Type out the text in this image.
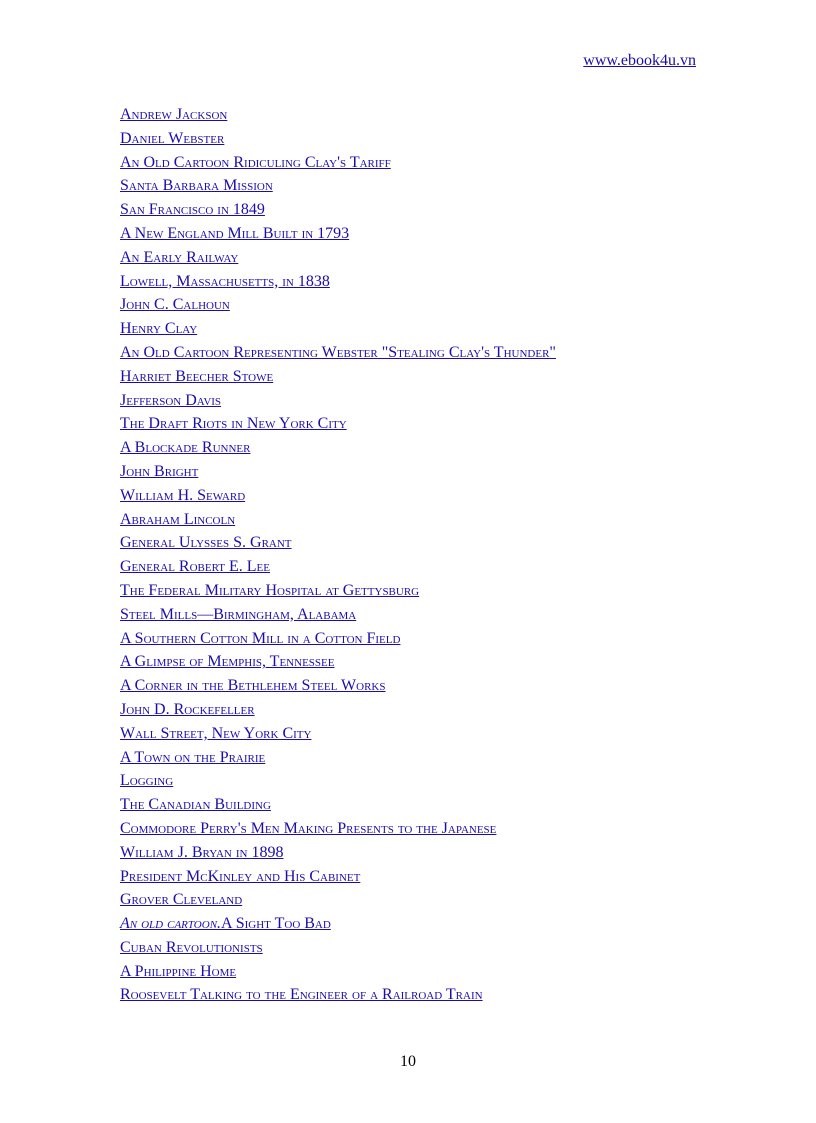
www.ebook4u.vn
Andrew Jackson
Daniel Webster
An Old Cartoon Ridiculing Clay's Tariff
Santa Barbara Mission
San Francisco in 1849
A New England Mill Built in 1793
An Early Railway
Lowell, Massachusetts, in 1838
John C. Calhoun
Henry Clay
An Old Cartoon Representing Webster "Stealing Clay's Thunder"
Harriet Beecher Stowe
Jefferson Davis
The Draft Riots in New York City
A Blockade Runner
John Bright
William H. Seward
Abraham Lincoln
General Ulysses S. Grant
General Robert E. Lee
The Federal Military Hospital at Gettysburg
Steel Mills—Birmingham, Alabama
A Southern Cotton Mill in a Cotton Field
A Glimpse of Memphis, Tennessee
A Corner in the Bethlehem Steel Works
John D. Rockefeller
Wall Street, New York City
A Town on the Prairie
Logging
The Canadian Building
Commodore Perry's Men Making Presents to the Japanese
William J. Bryan in 1898
President McKinley and His Cabinet
Grover Cleveland
An old cartoon.A Sight Too Bad
Cuban Revolutionists
A Philippine Home
Roosevelt Talking to the Engineer of a Railroad Train
10
